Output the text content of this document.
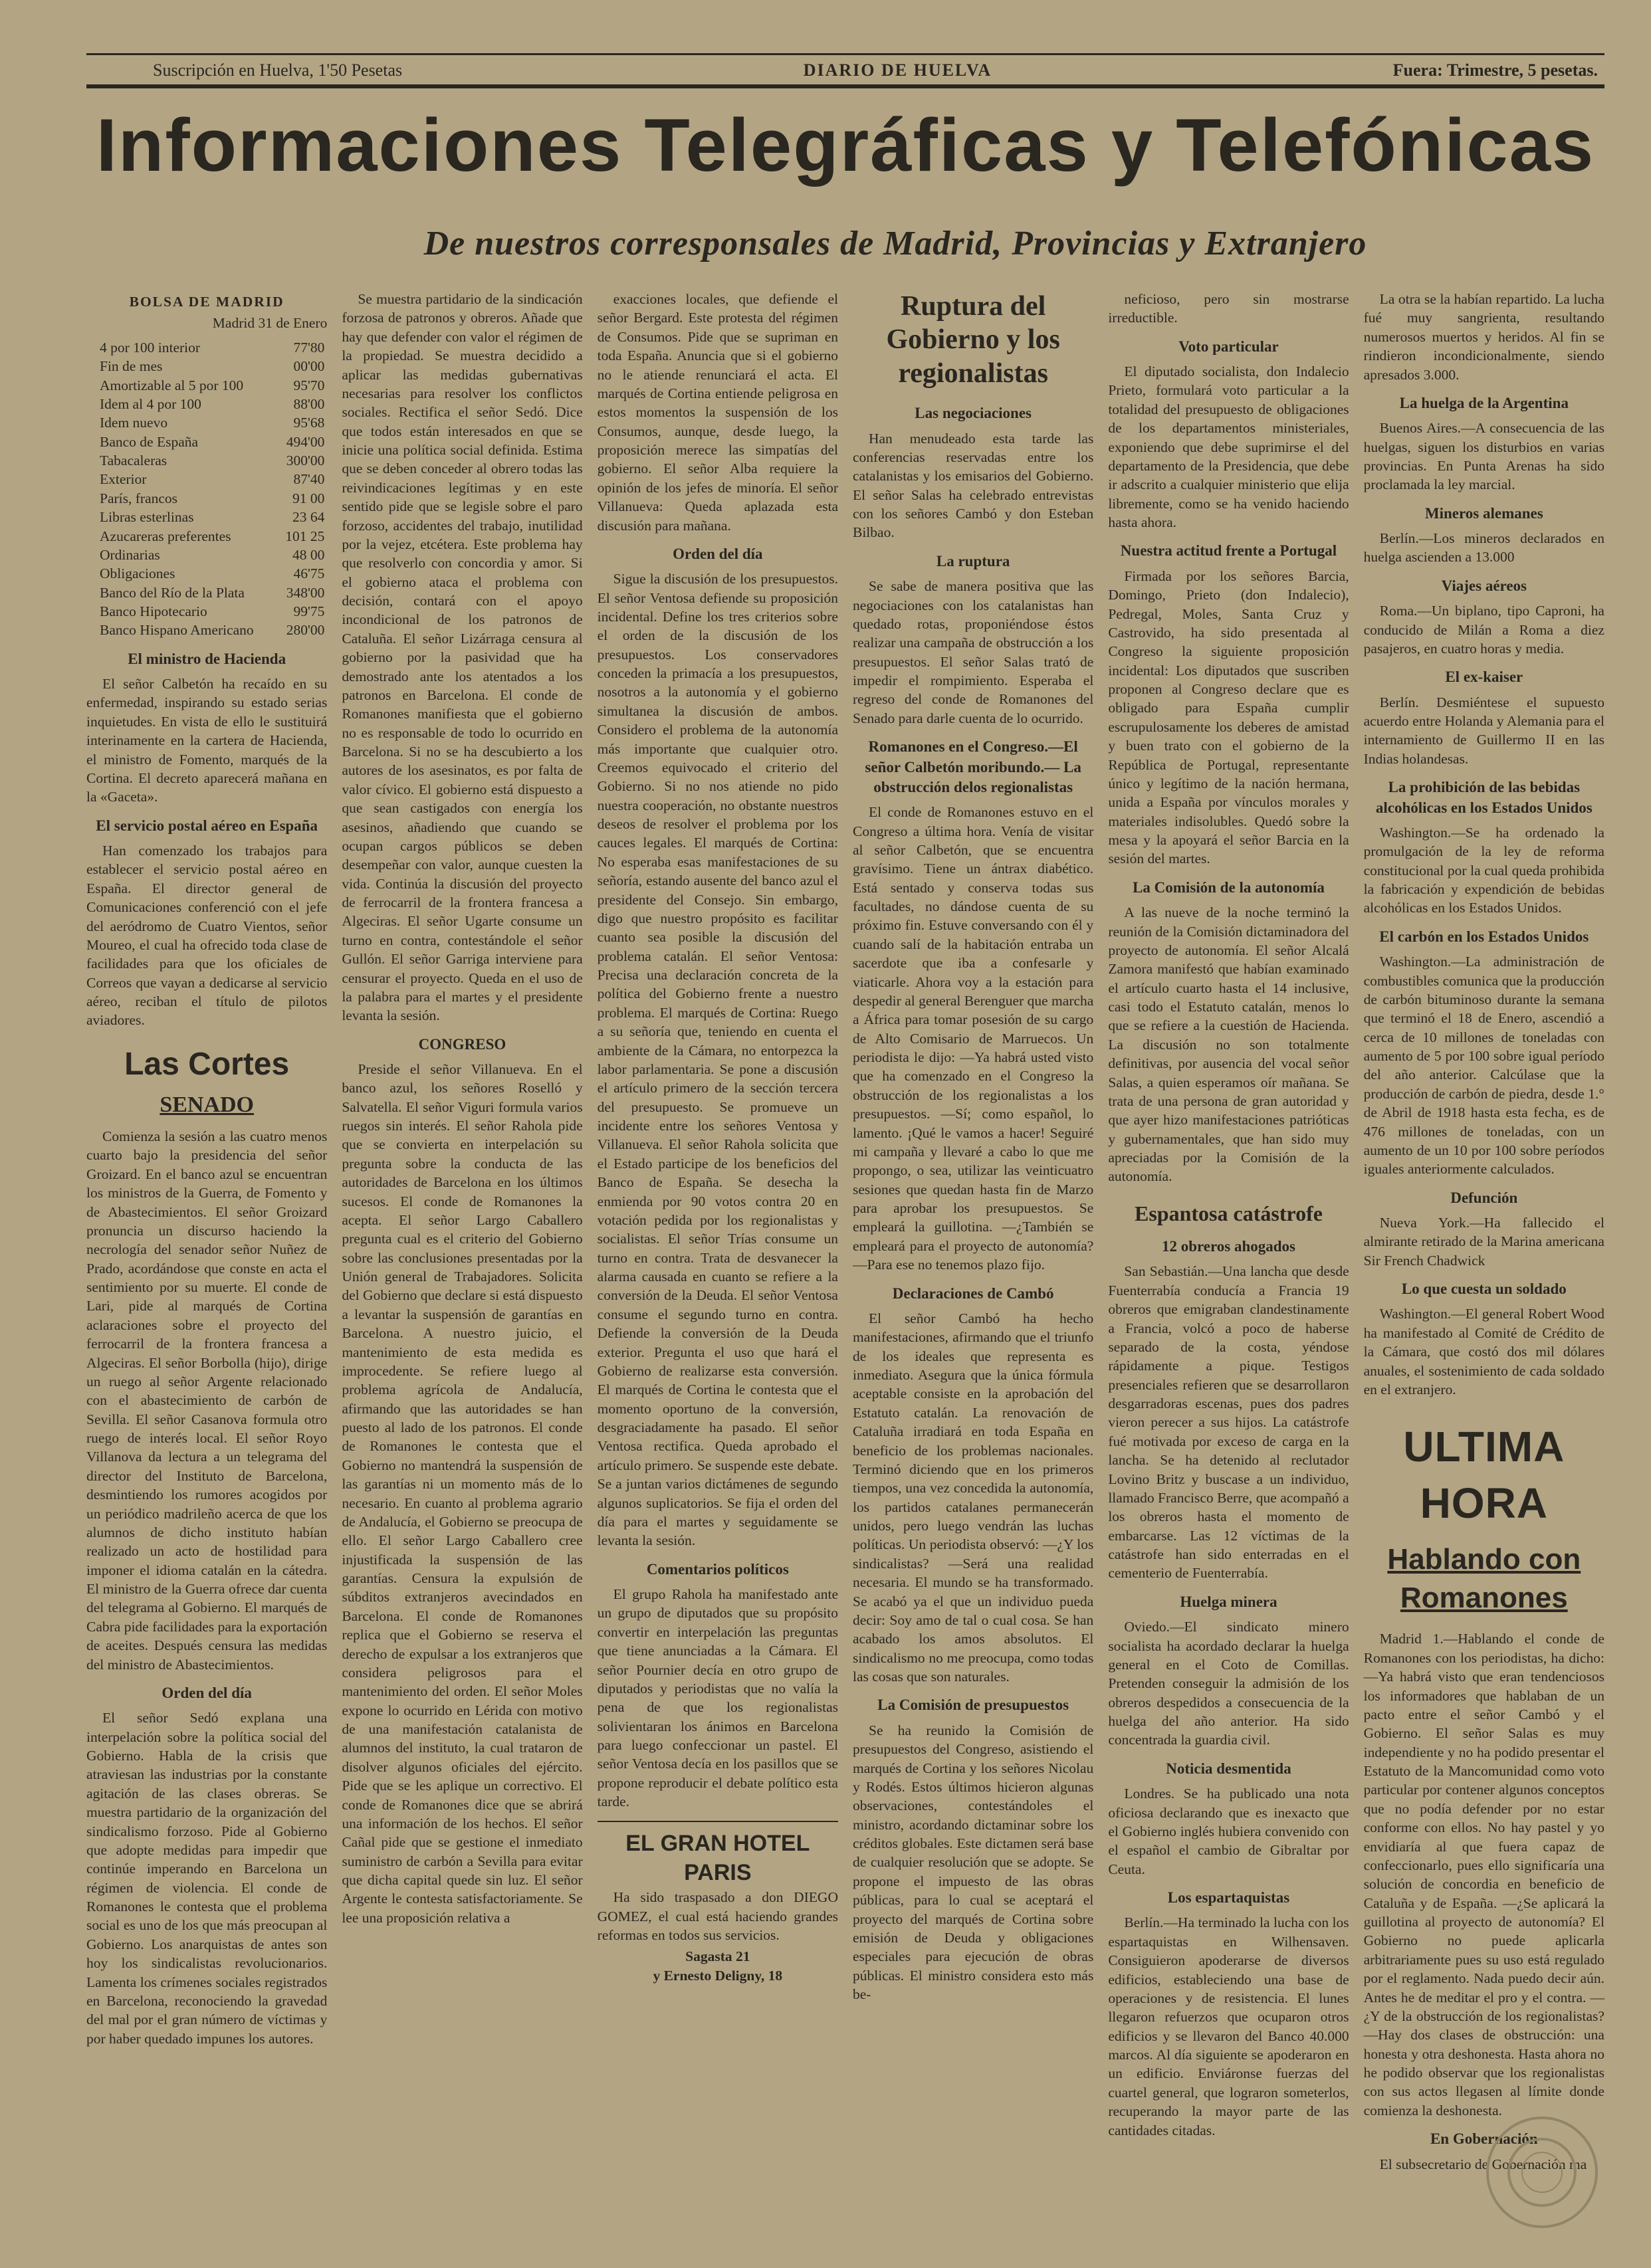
Suscripción en Huelva, 1'50 Pesetas	DIARIO DE HUELVA	Fuera: Trimestre, 5 pesetas.
Informaciones Telegráficas y Telefónicas
De nuestros corresponsales de Madrid, Provincias y Extranjero
BOLSA DE MADRID
Madrid 31 de Enero
4 por 100 interior	77'80
Fin de mes	00'00
Amortizable al 5 por 100	95'70
Idem al 4 por 100	88'00
Idem nuevo	95'68
Banco de España	494'00
Tabacaleras	300'00
Exterior	87'40
París, francos	91 00
Libras esterlinas	23 64
Azucareras preferentes	101 25
Ordinarias	48 00
Obligaciones	46'75
Banco del Río de la Plata	348'00
Banco Hipotecario	99'75
Banco Hispano Americano 280'00
El ministro de Hacienda

El señor Calbetón ha recaído en su enfermedad, inspirando su estado serias inquietudes. En vista de ello le sustituirá interinamente en la cartera de Hacienda, el ministro de Fomento, marqués de la Cortina. El decreto aparecerá mañana en la «Gaceta».

El servicio postal aéreo en España

Han comenzado los trabajos para establecer el servicio postal aéreo en España. El director general de Comunicaciones conferenció con el jefe del aeródromo de Cuatro Vientos, señor Moureo, el cual ha ofrecido toda clase de facilidades para que los oficiales de Correos que vayan a dedicarse al servicio aéreo, reciban el título de pilotos aviadores.

Las Cortes
SENADO

Comienza la sesión a las cuatro menos cuarto bajo la presidencia del señor Groizard. En el banco azul se encuentran los ministros de la Guerra, de Fomento y de Abastecimientos. El señor Groizard pronuncia un discurso haciendo la necrología del senador señor Nuñez de Prado, acordándose que conste en acta el sentimiento por su muerte. El conde de Lari, pide al marqués de Cortina aclaraciones sobre el proyecto del ferrocarril de la frontera francesa a Algeciras. El señor Borbolla (hijo), dirige un ruego al señor Argente relacionado con el abastecimiento de carbón de Sevilla. El señor Casanova formula otro ruego de interés local. El señor Royo Villanova da lectura a un telegrama del director del Instituto de Barcelona, desmintiendo los rumores acogidos por un periódico madrileño acerca de que los alumnos de dicho instituto habían realizado un acto de hostilidad para imponer el idioma catalán en la cátedra. El ministro de la Guerra ofrece dar cuenta del telegrama al Gobierno. El marqués de Cabra pide facilidades para la exportación de aceites. Después censura las medidas del ministro de Abastecimientos.

Orden del día

El señor Sedó explana una interpelación sobre la política social del Gobierno. Habla de la crisis que atraviesan las industrias por la constante agitación de las clases obreras. Se muestra partidario de la organización del sindicalismo forzoso. Pide al Gobierno que adopte medidas para impedir que continúe imperando en Barcelona un régimen de violencia. El conde de Romanones le contesta que el problema social es uno de los que más preocupan al Gobierno. Los anarquistas de antes son hoy los sindicalistas revolucionarios. Lamenta los crímenes sociales registrados en Barcelona, reconociendo la gravedad del mal por el gran número de víctimas y por haber quedado impunes los autores.

Se muestra partidario de la sindicación forzosa de patronos y obreros. Añade que hay que defender con valor el régimen de la propiedad. Se muestra decidido a aplicar las medidas gubernativas necesarias para resolver los conflictos sociales. Rectifica el señor Sedó. Dice que todos están interesados en que se inicie una política social definida. Estima que se deben conceder al obrero todas las reivindicaciones legítimas y en este sentido pide que se legisle sobre el paro forzoso, accidentes del trabajo, inutilidad por la vejez, etcétera. Este problema hay que resolverlo con concordia y amor. Si el gobierno ataca el problema con decisión, contará con el apoyo incondicional de los patronos de Cataluña. El señor Lizárraga censura al gobierno por la pasividad que ha demostrado ante los atentados a los patronos en Barcelona. El conde de Romanones manifiesta que el gobierno no es responsable de todo lo ocurrido en Barcelona. Si no se ha descubierto a los autores de los asesinatos, es por falta de valor cívico. El gobierno está dispuesto a que sean castigados con energía los asesinos, añadiendo que cuando se ocupan cargos públicos se deben desempeñar con valor, aunque cuesten la vida. Continúa la discusión del proyecto de ferrocarril de la frontera francesa a Algeciras. El señor Ugarte consume un turno en contra, contestándole el señor Gullón. El señor Garriga interviene para censurar el proyecto. Queda en el uso de la palabra para el martes y el presidente levanta la sesión.

CONGRESO

Preside el señor Villanueva. En el banco azul, los señores Roselló y Salvatella. El señor Viguri formula varios ruegos sin interés. El señor Rahola pide que se convierta en interpelación su pregunta sobre la conducta de las autoridades de Barcelona en los últimos sucesos. El conde de Romanones la acepta. El señor Largo Caballero pregunta cual es el criterio del Gobierno sobre las conclusiones presentadas por la Unión general de Trabajadores. Solicita del Gobierno que declare si está dispuesto a levantar la suspensión de garantías en Barcelona. A nuestro juicio, el mantenimiento de esta medida es improcedente. Se refiere luego al problema agrícola de Andalucía, afirmando que las autoridades se han puesto al lado de los patronos. El conde de Romanones le contesta que el Gobierno no mantendrá la suspensión de las garantías ni un momento más de lo necesario. En cuanto al problema agrario de Andalucía, el Gobierno se preocupa de ello. El señor Largo Caballero cree injustificada la suspensión de las garantías. Censura la expulsión de súbditos extranjeros avecindados en Barcelona. El conde de Romanones replica que el Gobierno se reserva el derecho de expulsar a los extranjeros que considera peligrosos para el mantenimiento del orden. El señor Moles expone lo ocurrido en Lérida con motivo de una manifestación catalanista de alumnos del instituto, la cual trataron de disolver algunos oficiales del ejército. Pide que se les aplique un correctivo. El conde de Romanones dice que se abrirá una información de los hechos. El señor Cañal pide que se gestione el inmediato suministro de carbón a Sevilla para evitar que dicha capital quede sin luz. El señor Argente le contesta satisfactoriamente. Se lee una proposición relativa a

exacciones locales, que defiende el señor Bergard. Este protesta del régimen de Consumos. Pide que se supriman en toda España. Anuncia que si el gobierno no le atiende renunciará el acta. El marqués de Cortina entiende peligrosa en estos momentos la suspensión de los Consumos, aunque, desde luego, la proposición merece las simpatías del gobierno. El señor Alba requiere la opinión de los jefes de minoría. El señor Villanueva: Queda aplazada esta discusión para mañana.

Orden del día

Sigue la discusión de los presupuestos. El señor Ventosa defiende su proposición incidental. Define los tres criterios sobre el orden de la discusión de los presupuestos. Los conservadores conceden la primacía a los presupuestos, nosotros a la autonomía y el gobierno simultanea la discusión de ambos. Considero el problema de la autonomía más importante que cualquier otro. Creemos equivocado el criterio del Gobierno. Si no nos atiende no pido nuestra cooperación, no obstante nuestros deseos de resolver el problema por los cauces legales. El marqués de Cortina: No esperaba esas manifestaciones de su señoría, estando ausente del banco azul el presidente del Consejo. Sin embargo, digo que nuestro propósito es facilitar cuanto sea posible la discusión del problema catalán. El señor Ventosa: Precisa una declaración concreta de la política del Gobierno frente a nuestro problema. El marqués de Cortina: Ruego a su señoría que, teniendo en cuenta el ambiente de la Cámara, no entorpezca la labor parlamentaria. Se pone a discusión el artículo primero de la sección tercera del presupuesto. Se promueve un incidente entre los señores Ventosa y Villanueva. El señor Rahola solicita que el Estado participe de los beneficios del Banco de España. Se desecha la enmienda por 90 votos contra 20 en votación pedida por los regionalistas y socialistas. El señor Trías consume un turno en contra. Trata de desvanecer la alarma causada en cuanto se refiere a la conversión de la Deuda. El señor Ventosa consume el segundo turno en contra. Defiende la conversión de la Deuda exterior. Pregunta el uso que hará el Gobierno de realizarse esta conversión. El marqués de Cortina le contesta que el momento oportuno de la conversión, desgraciadamente ha pasado. El señor Ventosa rectifica. Queda aprobado el artículo primero. Se suspende este debate. Se a juntan varios dictámenes de segundo algunos suplicatorios. Se fija el orden del día para el martes y seguidamente se levanta la sesión.

Comentarios políticos

El grupo Rahola ha manifestado ante un grupo de diputados que su propósito convertir en interpelación las preguntas que tiene anunciadas a la Cámara. El señor Pournier decía en otro grupo de diputados y periodistas que no valía la pena de que los regionalistas solivientaran los ánimos en Barcelona para luego confeccionar un pastel. El señor Ventosa decía en los pasillos que se propone reproducir el debate político esta tarde.

EL GRAN HOTEL PARIS

Ha sido traspasado a don DIEGO GOMEZ, el cual está haciendo grandes reformas en todos sus servicios.

Sagasta 21
y Ernesto Deligny, 18
Ruptura del Gobierno y los regionalistas
Las negociaciones

Han menudeado esta tarde las conferencias reservadas entre los catalanistas y los emisarios del Gobierno. El señor Salas ha celebrado entrevistas con los señores Cambó y don Esteban Bilbao.

La ruptura

Se sabe de manera positiva que las negociaciones con los catalanistas han quedado rotas, proponiéndose éstos realizar una campaña de obstrucción a los presupuestos. El señor Salas trató de impedir el rompimiento. Esperaba el regreso del conde de Romanones del Senado para darle cuenta de lo ocurrido.

Romanones en el Congreso.—El señor Calbetón moribundo.— La obstrucción delos regionalistas

El conde de Romanones estuvo en el Congreso a última hora. Venía de visitar al señor Calbetón, que se encuentra gravísimo. Tiene un ántrax diabético. Está sentado y conserva todas sus facultades, no dándose cuenta de su próximo fin. Estuve conversando con él y cuando salí de la habitación entraba un sacerdote que iba a confesarle y viaticarle. Ahora voy a la estación para despedir al general Berenguer que marcha a África para tomar posesión de su cargo de Alto Comisario de Marruecos. Un periodista le dijo: —Ya habrá usted visto que ha comenzado en el Congreso la obstrucción de los regionalistas a los presupuestos. —Sí; como español, lo lamento. ¡Qué le vamos a hacer! Seguiré mi campaña y llevaré a cabo lo que me propongo, o sea, utilizar las veinticuatro sesiones que quedan hasta fin de Marzo para aprobar los presupuestos. Se empleará la guillotina. —¿También se empleará para el proyecto de autonomía? —Para ese no tenemos plazo fijo.

Declaraciones de Cambó

El señor Cambó ha hecho manifestaciones, afirmando que el triunfo de los ideales que representa es inmediato. Asegura que la única fórmula aceptable consiste en la aprobación del Estatuto catalán. La renovación de Cataluña irradiará en toda España en beneficio de los problemas nacionales. Terminó diciendo que en los primeros tiempos, una vez concedida la autonomía, los partidos catalanes permanecerán unidos, pero luego vendrán las luchas políticas. Un periodista observó: —¿Y los sindicalistas? —Será una realidad necesaria. El mundo se ha transformado. Se acabó ya el que un individuo pueda decir: Soy amo de tal o cual cosa. Se han acabado los amos absolutos. El sindicalismo no me preocupa, como todas las cosas que son naturales.

La Comisión de presupuestos

Se ha reunido la Comisión de presupuestos del Congreso, asistiendo el marqués de Cortina y los señores Nicolau y Rodés. Estos últimos hicieron algunas observaciones, contestándoles el ministro, acordando dictaminar sobre los créditos globales. Este dictamen será base de cualquier resolución que se adopte. Se propone el impuesto de las obras públicas, para lo cual se aceptará el proyecto del marqués de Cortina sobre emisión de Deuda y obligaciones especiales para ejecución de obras públicas. El ministro considera esto más be-

neficioso, pero sin mostrarse irreductible.

Voto particular

El diputado socialista, don Indalecio Prieto, formulará voto particular a la totalidad del presupuesto de obligaciones de los departamentos ministeriales, exponiendo que debe suprimirse el del departamento de la Presidencia, que debe ir adscrito a cualquier ministerio que elija libremente, como se ha venido haciendo hasta ahora.

Nuestra actitud frente a Portugal

Firmada por los señores Barcia, Domingo, Prieto (don Indalecio), Pedregal, Moles, Santa Cruz y Castrovido, ha sido presentada al Congreso la siguiente proposición incidental: Los diputados que suscriben proponen al Congreso declare que es obligado para España cumplir escrupulosamente los deberes de amistad y buen trato con el gobierno de la República de Portugal, representante único y legítimo de la nación hermana, unida a España por vínculos morales y materiales indisolubles. Quedó sobre la mesa y la apoyará el señor Barcia en la sesión del martes.

La Comisión de la autonomía

A las nueve de la noche terminó la reunión de la Comisión dictaminadora del proyecto de autonomía. El señor Alcalá Zamora manifestó que habían examinado el artículo cuarto hasta el 14 inclusive, casi todo el Estatuto catalán, menos lo que se refiere a la cuestión de Hacienda. La discusión no son totalmente definitivas, por ausencia del vocal señor Salas, a quien esperamos oír mañana. Se trata de una persona de gran autoridad y que ayer hizo manifestaciones patrióticas y gubernamentales, que han sido muy apreciadas por la Comisión de la autonomía.

Espantosa catástrofe
12 obreros ahogados

San Sebastián.—Una lancha que desde Fuenterrabía conducía a Francia 19 obreros que emigraban clandestinamente a Francia, volcó a poco de haberse separado de la costa, yéndose rápidamente a pique. Testigos presenciales refieren que se desarrollaron desgarradoras escenas, pues dos padres vieron perecer a sus hijos. La catástrofe fué motivada por exceso de carga en la lancha. Se ha detenido al reclutador Lovino Britz y buscase a un individuo, llamado Francisco Berre, que acompañó a los obreros hasta el momento de embarcarse. Las 12 víctimas de la catástrofe han sido enterradas en el cementerio de Fuenterrabía.

Huelga minera

Oviedo.—El sindicato minero socialista ha acordado declarar la huelga general en el Coto de Comillas. Pretenden conseguir la admisión de los obreros despedidos a consecuencia de la huelga del año anterior. Ha sido concentrada la guardia civil.

Noticia desmentida

Londres. Se ha publicado una nota oficiosa declarando que es inexacto que el Gobierno inglés hubiera convenido con el español el cambio de Gibraltar por Ceuta.

Los espartaquistas

Berlín.—Ha terminado la lucha con los espartaquistas en Wilhensaven. Consiguieron apoderarse de diversos edificios, estableciendo una base de operaciones y de resistencia. El lunes llegaron refuerzos que ocuparon otros edificios y se llevaron del Banco 40.000 marcos. Al día siguiente se apoderaron en un edificio. Enviáronse fuerzas del cuartel general, que lograron someterlos, recuperando la mayor parte de las cantidades citadas.

La otra se la habían repartido. La lucha fué muy sangrienta, resultando numerosos muertos y heridos. Al fin se rindieron incondicionalmente, siendo apresados 3.000.

La huelga de la Argentina

Buenos Aires.—A consecuencia de las huelgas, siguen los disturbios en varias provincias. En Punta Arenas ha sido proclamada la ley marcial.

Mineros alemanes

Berlín.—Los mineros declarados en huelga ascienden a 13.000

Viajes aéreos

Roma.—Un biplano, tipo Caproni, ha conducido de Milán a Roma a diez pasajeros, en cuatro horas y media.

El ex-kaiser

Berlín. Desmiéntese el supuesto acuerdo entre Holanda y Alemania para el internamiento de Guillermo II en las Indias holandesas.

La prohibición de las bebidas alcohólicas en los Estados Unidos

Washington.—Se ha ordenado la promulgación de la ley de reforma constitucional por la cual queda prohibida la fabricación y expendición de bebidas alcohólicas en los Estados Unidos.

El carbón en los Estados Unidos

Washington.—La administración de combustibles comunica que la producción de carbón bituminoso durante la semana que terminó el 18 de Enero, ascendió a cerca de 10 millones de toneladas con aumento de 5 por 100 sobre igual período del año anterior. Calcúlase que la producción de carbón de piedra, desde 1.° de Abril de 1918 hasta esta fecha, es de 476 millones de toneladas, con un aumento de un 10 por 100 sobre períodos iguales anteriormente calculados.

Defunción

Nueva York.—Ha fallecido el almirante retirado de la Marina americana Sir French Chadwick

Lo que cuesta un soldado

Washington.—El general Robert Wood ha manifestado al Comité de Crédito de la Cámara, que costó dos mil dólares anuales, el sostenimiento de cada soldado en el extranjero.

ULTIMA HORA
Hablando con Romanones

Madrid 1.—Hablando el conde de Romanones con los periodistas, ha dicho: —Ya habrá visto que eran tendenciosos los informadores que hablaban de un pacto entre el señor Cambó y el Gobierno. El señor Salas es muy independiente y no ha podido presentar el Estatuto de la Mancomunidad como voto particular por contener algunos conceptos que no podía defender por no estar conforme con ellos. No hay pastel y yo envidiaría al que fuera capaz de confeccionarlo, pues ello significaría una solución de concordia en beneficio de Cataluña y de España. —¿Se aplicará la guillotina al proyecto de autonomía? El Gobierno no puede aplicarla arbitrariamente pues su uso está regulado por el reglamento. Nada puedo decir aún. Antes he de meditar el pro y el contra. —¿Y de la obstrucción de los regionalistas? —Hay dos clases de obstrucción: una honesta y otra deshonesta. Hasta ahora no he podido observar que los regionalistas con sus actos llegasen al límite donde comienza la deshonesta.

En Gobernación

El subsecretario de Gobernación ma
